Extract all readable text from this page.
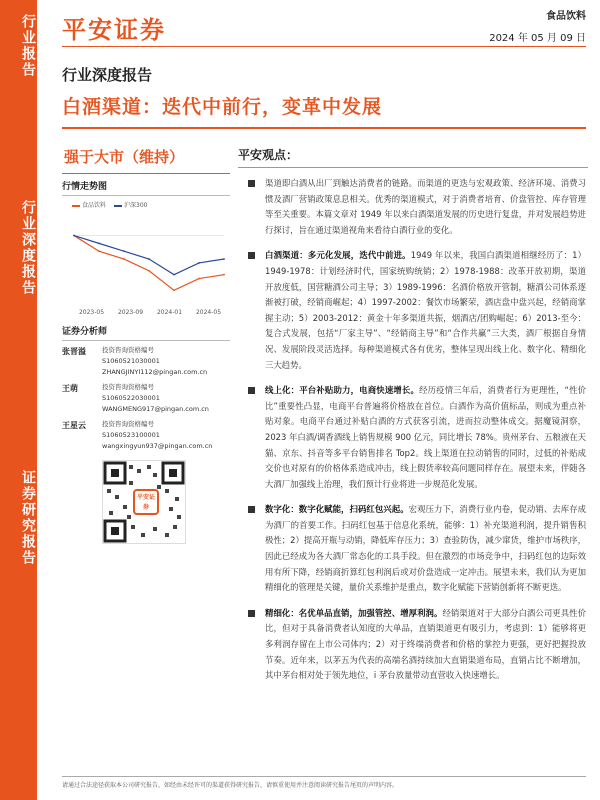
行业报告
行业深度报告
证券研究报告
平安证券	食品饮料
2024 年 05 月 09 日
行业深度报告
白酒渠道：迭代中前行，变革中发展
强于大市（维持）
行情走势图
食品饮料	沪深300
2023-05 2023-09 2024-01 2024-05
证券分析师
张晋溢	投资咨询资格编号
S1060521030001
ZHANGJINYI112@pingan.com.cn
王萌	投资咨询资格编号
S1060522030001
WANGMENG917@pingan.com.cn
王星云	投资咨询资格编号
S1060523100001
wangxingyun937@pingan.com.cn
平安证券
平安观点：
渠道即白酒从出厂到触达消费者的链路。而渠道的更迭与宏观政策、经济环境、消费习惯及酒厂营销政策息息相关。优秀的渠道模式，对于消费者培育、价盘管控、库存管理等至关重要。本篇文章对 1949 年以来白酒渠道发展的历史进行复盘，并对发展趋势进行探讨，旨在通过渠道视角来看待白酒行业的变化。
白酒渠道：多元化发展，迭代中前进。1949 年以来，我国白酒渠道相继经历了：1）1949-1978：计划经济时代，国家统购统销；2）1978-1988：改革开放初期，渠道开放度低，国营糖酒公司主导；3）1989-1996：名酒价格放开管制，糖酒公司体系逐渐被打破，经销商崛起；4）1997-2002：餐饮市场繁荣，酒店盘中盘兴起，经销商掌握主动；5）2003-2012：黄金十年多渠道共振，烟酒店/团购崛起；6）2013-至今：复合式发展，包括“厂家主导”、“经销商主导”和“合作共赢”三大类，酒厂根据自身情况、发展阶段灵活选择。每种渠道模式各有优劣，整体呈现出线上化、数字化、精细化三大趋势。
线上化：平台补贴助力，电商快速增长。经历疫情三年后，消费者行为更理性，“性价比”重要性凸显，电商平台普遍将价格放在首位。白酒作为高价值标品，则成为重点补贴对象。电商平台通过补贴白酒的方式获客引流，进而拉动整体成交。据魔镜洞察，2023 年白酒/调香酒线上销售规模 900 亿元，同比增长 78%。贵州茅台、五粮液在天猫、京东、抖音等多平台销售排名 Top2。线上渠道在拉动销售的同时，过低的补贴成交价也对原有的价格体系造成冲击，线上假货率较高问题同样存在。展望未来，伴随各大酒厂加强线上治理，我们预计行业将进一步规范化发展。
数字化：数字化赋能，扫码红包兴起。宏观压力下，消费行业内卷，促动销、去库存成为酒厂的首要工作。扫码红包基于信息化系统，能够：1）补充渠道利润，提升销售积极性；2）提高开瓶与动销，降低库存压力；3）查验防伪，减少窜货，维护市场秩序，因此已经成为各大酒厂常态化的工具手段。但在激烈的市场竞争中，扫码红包的边际效用有所下降，经销商折算红包利润后或对价盘造成一定冲击。展望未来，我们认为更加精细化的管理是关键，量价关系维护是重点，数字化赋能下营销创新将不断更迭。
精细化：名优单品直销，加强管控、增厚利润。经销渠道对于大部分白酒公司更具性价比，但对于具备消费者认知度的大单品，直销渠道更有吸引力，考虑到：1）能够将更多利润存留在上市公司体内；2）对于终端消费者和价格的掌控力更强，更好把握投放节奏。近年来，以茅五为代表的高端名酒持续加大直销渠道布局，直销占比不断增加，其中茅台相对处于领先地位，i 茅台放量带动直营收入快速增长。
请通过合法途径获取本公司研究报告，如经由未经许可的渠道获得研究报告，请慎重使用并注意阅读研究报告尾页的声明内容。
